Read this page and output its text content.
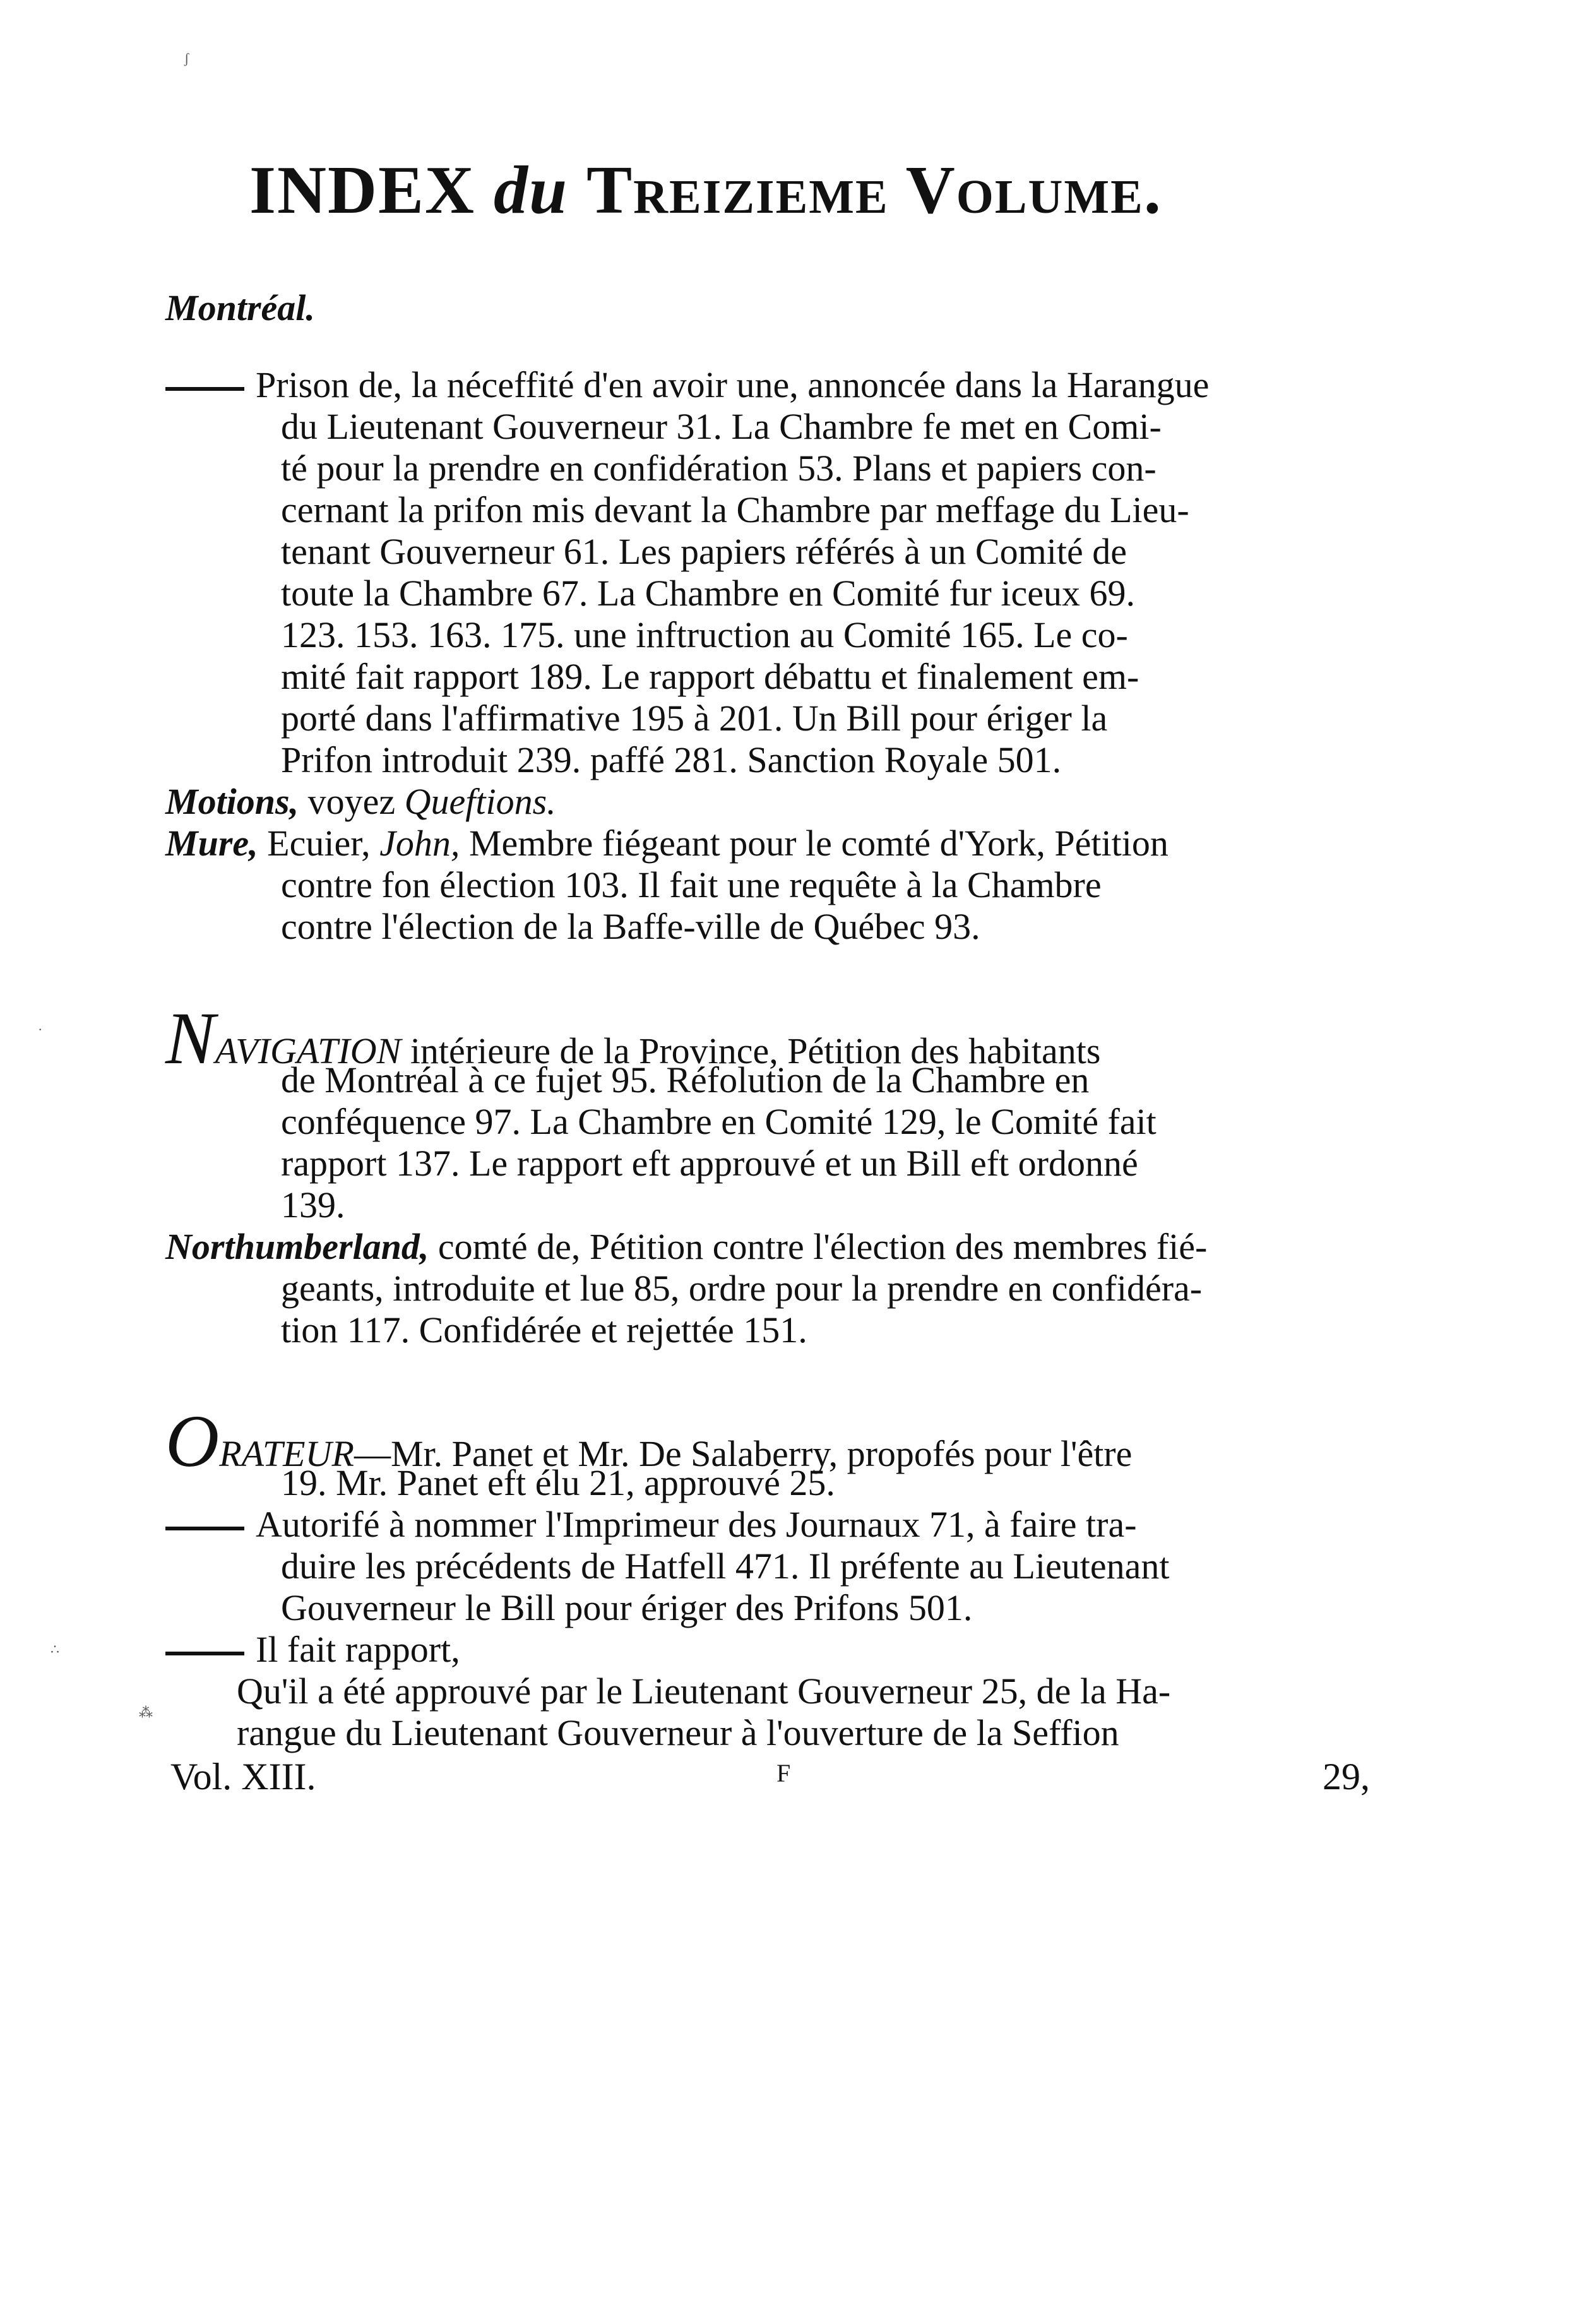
INDEX du Treizieme Volume.
Montréal.
Prison de, la néceffité d'en avoir une, annoncée dans la Harangue
du Lieutenant Gouverneur 31. La Chambre fe met en Comi-
té pour la prendre en confidération 53. Plans et papiers con-
cernant la prifon mis devant la Chambre par meffage du Lieu-
tenant Gouverneur 61. Les papiers référés à un Comité de
toute la Chambre 67. La Chambre en Comité fur iceux 69.
123. 153. 163. 175. une inftruction au Comité 165. Le co-
mité fait rapport 189. Le rapport débattu et finalement em-
porté dans l'affirmative 195 à 201. Un Bill pour ériger la
Prifon introduit 239. paffé 281. Sanction Royale 501.
Motions, voyez Queftions.
Mure, Ecuier, John, Membre fiégeant pour le comté d'York, Pétition
contre fon élection 103. Il fait une requête à la Chambre
contre l'élection de la Baffe-ville de Québec 93.
NAVIGATION intérieure de la Province, Pétition des habitants
de Montréal à ce fujet 95. Réfolution de la Chambre en
conféquence 97. La Chambre en Comité 129, le Comité fait
rapport 137. Le rapport eft approuvé et un Bill eft ordonné
139.
Northumberland, comté de, Pétition contre l'élection des membres fié-
geants, introduite et lue 85, ordre pour la prendre en confidéra-
tion 117. Confidérée et rejettée 151.
ORATEUR—Mr. Panet et Mr. De Salaberry, propofés pour l'être
19. Mr. Panet eft élu 21, approuvé 25.
Autorifé à nommer l'Imprimeur des Journaux 71, à faire tra-
duire les précédents de Hatfell 471. Il préfente au Lieutenant
Gouverneur le Bill pour ériger des Prifons 501.
Il fait rapport,
Qu'il a été approuvé par le Lieutenant Gouverneur 25, de la Ha-
rangue du Lieutenant Gouverneur à l'ouverture de la Seffion
Vol. XIII.	F	29,
ʃ
·
∴
⁂
